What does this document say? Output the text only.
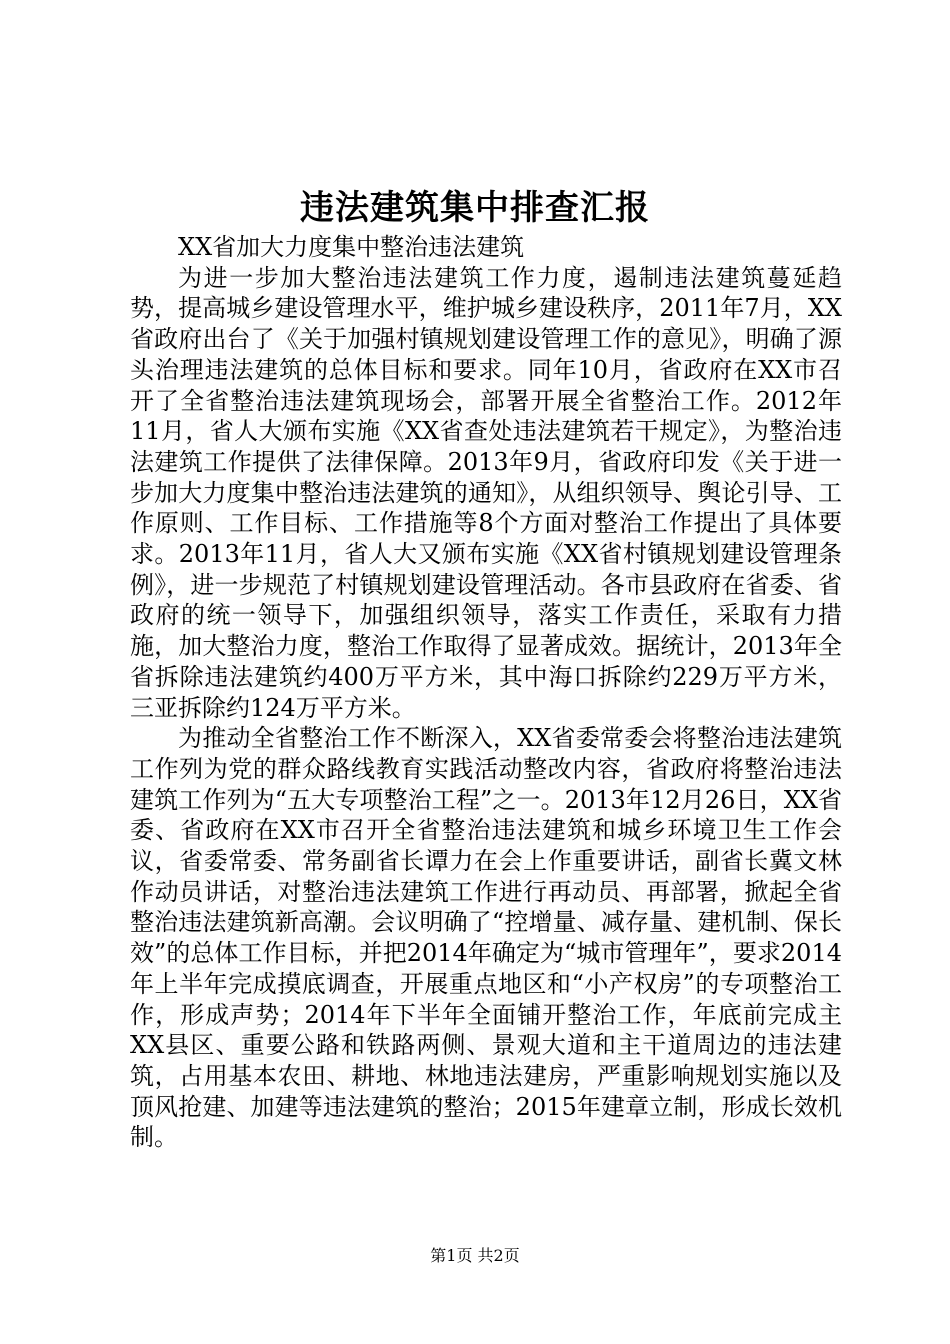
违法建筑集中排查汇报
XX省加大力度集中整治违法建筑

为进一步加大整治违法建筑工作力度，遏制违法建筑蔓延趋势，提高城乡建设管理水平，维护城乡建设秩序，2011年7月，XX省政府出台了《关于加强村镇规划建设管理工作的意见》，明确了源头治理违法建筑的总体目标和要求。同年10月，省政府在XX市召开了全省整治违法建筑现场会，部署开展全省整治工作。2012年11月，省人大颁布实施《XX省查处违法建筑若干规定》，为整治违法建筑工作提供了法律保障。2013年9月，省政府印发《关于进一步加大力度集中整治违法建筑的通知》，从组织领导、舆论引导、工作原则、工作目标、工作措施等8个方面对整治工作提出了具体要求。2013年11月，省人大又颁布实施《XX省村镇规划建设管理条例》，进一步规范了村镇规划建设管理活动。各市县政府在省委、省政府的统一领导下，加强组织领导，落实工作责任，采取有力措施，加大整治力度，整治工作取得了显著成效。据统计，2013年全省拆除违法建筑约400万平方米，其中海口拆除约229万平方米，三亚拆除约124万平方米。

为推动全省整治工作不断深入，XX省委常委会将整治违法建筑工作列为党的群众路线教育实践活动整改内容，省政府将整治违法建筑工作列为“五大专项整治工程”之一。2013年12月26日，XX省委、省政府在XX市召开全省整治违法建筑和城乡环境卫生工作会议，省委常委、常务副省长谭力在会上作重要讲话，副省长冀文林作动员讲话，对整治违法建筑工作进行再动员、再部署，掀起全省整治违法建筑新高潮。会议明确了“控增量、减存量、建机制、保长效”的总体工作目标，并把2014年确定为“城市管理年”，要求2014年上半年完成摸底调查，开展重点地区和“小产权房”的专项整治工作，形成声势；2014年下半年全面铺开整治工作，年底前完成主XX县区、重要公路和铁路两侧、景观大道和主干道周边的违法建筑，占用基本农田、耕地、林地违法建房，严重影响规划实施以及顶风抢建、加建等违法建筑的整治；2015年建章立制，形成长效机制。

第1页 共2页
